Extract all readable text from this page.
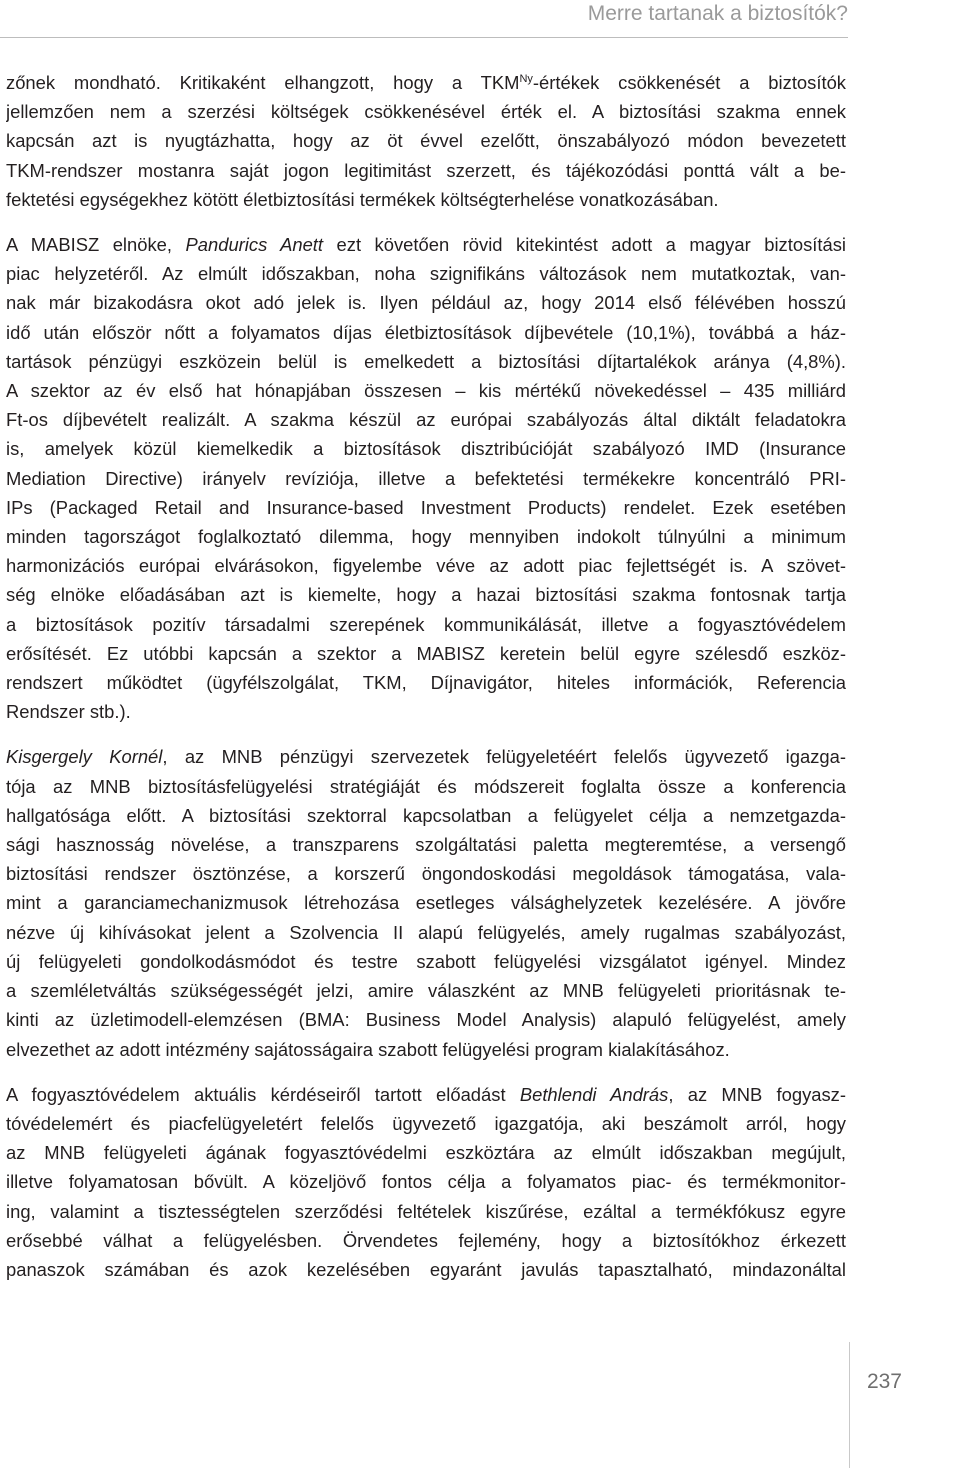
Merre tartanak a biztosítók?

zőnek mondható. Kritikaként elhangzott, hogy a $TKM^{Ny}$-értékek csökkenését a biztosítók
jellemzően nem a szerzési költségek csökkenésével érték el. A biztosítási szakma ennek
kapcsán azt is nyugtázhatta, hogy az öt évvel ezelőtt, önszabályozó módon bevezetett
TKM-rendszer mostanra saját jogon legitimitást szerzett, és tájékozódási ponttá vált a be-
fektetési egységekhez kötött életbiztosítási termékek költségterhelése vonatkozásában.

A MABISZ elnöke, Pandurics Anett ezt követően rövid kitekintést adott a magyar biztosítási
piac helyzetéről. Az elmúlt időszakban, noha szignifikáns változások nem mutatkoztak, van-
nak már bizakodásra okot adó jelek is. Ilyen például az, hogy 2014 első félévében hosszú
idő után először nőtt a folyamatos díjas életbiztosítások díjbevétele (10,1%), továbbá a ház-
tartások pénzügyi eszközein belül is emelkedett a biztosítási díjtartalékok aránya (4,8%).
A szektor az év első hat hónapjában összesen – kis mértékű növekedéssel – 435 milliárd
Ft-os díjbevételt realizált. A szakma készül az európai szabályozás által diktált feladatokra
is, amelyek közül kiemelkedik a biztosítások disztribúcióját szabályozó IMD (Insurance
Mediation Directive) irányelv revíziója, illetve a befektetési termékekre koncentráló PRI-
IPs (Packaged Retail and Insurance-based Investment Products) rendelet. Ezek esetében
minden tagországot foglalkoztató dilemma, hogy mennyiben indokolt túlnyúlni a minimum
harmonizációs európai elvárásokon, figyelembe véve az adott piac fejlettségét is. A szövet-
ség elnöke előadásában azt is kiemelte, hogy a hazai biztosítási szakma fontosnak tartja
a biztosítások pozitív társadalmi szerepének kommunikálását, illetve a fogyasztóvédelem
erősítését. Ez utóbbi kapcsán a szektor a MABISZ keretein belül egyre szélesdő eszköz-
rendszert működtet (ügyfélszolgálat, TKM, Díjnavigátor, hiteles információk, Referencia
Rendszer stb.).

Kisgergely Kornél, az MNB pénzügyi szervezetek felügyeletéért felelős ügyvezető igazga-
tója az MNB biztosításfelügyelési stratégiáját és módszereit foglalta össze a konferencia
hallgatósága előtt. A biztosítási szektorral kapcsolatban a felügyelet célja a nemzetgazda-
sági hasznosság növelése, a transzparens szolgáltatási paletta megteremtése, a versengő
biztosítási rendszer ösztönzése, a korszerű öngondoskodási megoldások támogatása, vala-
mint a garanciamechanizmusok létrehozása esetleges válsághelyzetek kezelésére. A jövőre
nézve új kihívásokat jelent a Szolvencia II alapú felügyelés, amely rugalmas szabályozást,
új felügyeleti gondolkodásmódot és testre szabott felügyelési vizsgálatot igényel. Mindez
a szemléletváltás szükségességét jelzi, amire válaszként az MNB felügyeleti prioritásnak te-
kinti az üzletimodell-elemzésen (BMA: Business Model Analysis) alapuló felügyelést, amely
elvezethet az adott intézmény sajátosságaira szabott felügyelési program kialakításához.

A fogyasztóvédelem aktuális kérdéseiről tartott előadást Bethlendi András, az MNB fogyasz-
tóvédelemért és piacfelügyeletért felelős ügyvezető igazgatója, aki beszámolt arról, hogy
az MNB felügyeleti ágának fogyasztóvédelmi eszköztára az elmúlt időszakban megújult,
illetve folyamatosan bővült. A közeljövő fontos célja a folyamatos piac- és termékmonitor-
ing, valamint a tisztességtelen szerződési feltételek kiszűrése, ezáltal a termékfókusz egyre
erősebbé válhat a felügyelésben. Örvendetes fejlemény, hogy a biztosítókhoz érkezett
panaszok számában és azok kezelésében egyaránt javulás tapasztalható, mindazonáltal

237
